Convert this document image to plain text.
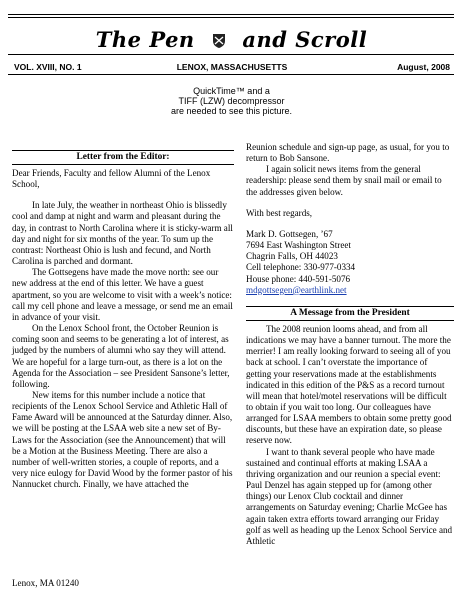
The Pen and Scroll
VOL. XVIII, NO. 1	LENOX, MASSACHUSETTS	August, 2008
QuickTime™ and a
TIFF (LZW) decompressor
are needed to see this picture.
Letter from the Editor:

Dear Friends, Faculty and fellow Alumni of the Lenox School,

In late July, the weather in northeast Ohio is blissedly cool and damp at night and warm and pleasant during the day, in contrast to North Carolina where it is sticky-warm all day and night for six months of the year. To sum up the contrast: Northeast Ohio is lush and fecund, and North Carolina is parched and dormant.

The Gottsegens have made the move north: see our new address at the end of this letter. We have a guest apartment, so you are welcome to visit with a week’s notice: call my cell phone and leave a message, or send me an email in advance of your visit.

On the Lenox School front, the October Reunion is coming soon and seems to be generating a lot of interest, as judged by the numbers of alumni who say they will attend. We are hopeful for a large turn-out, as there is a lot on the Agenda for the Association – see President Sansone’s letter, following.

New items for this number include a notice that recipients of the Lenox School Service and Athletic Hall of Fame Award will be announced at the Saturday dinner. Also, we will be posting at the LSAA web site a new set of By-Laws for the Association (see the Announcement) that will be a Motion at the Business Meeting. There are also a number of well-written stories, a couple of reports, and a very nice eulogy for David Wood by the former pastor of his Nannucket church. Finally, we have attached the

Lenox, MA 01240

Reunion schedule and sign-up page, as usual, for you to return to Bob Sansone.

I again solicit news items from the general readership: please send them by snail mail or email to the addresses given below.

With best regards,

Mark D. Gottsegen, ’67

7694 East Washington Street

Chagrin Falls, OH 44023

Cell telephone: 330-977-0334

House phone: 440-591-5076

mdgottsegen@earthlink.net

A Message from the President

The 2008 reunion looms ahead, and from all indications we may have a banner turnout. The more the merrier! I am really looking forward to seeing all of you back at school. I can’t overstate the importance of getting your reservations made at the establishments indicated in this edition of the P&S as a record turnout will mean that hotel/motel reservations will be difficult to obtain if you wait too long. Our colleagues have arranged for LSAA members to obtain some pretty good discounts, but these have an expiration date, so please reserve now.

I want to thank several people who have made sustained and continual efforts at making LSAA a thriving organization and our reunion a special event: Paul Denzel has again stepped up for (among other things) our Lenox Club cocktail and dinner arrangements on Saturday evening; Charlie McGee has again taken extra efforts toward arranging our Friday golf as well as heading up the Lenox School Service and Athletic
